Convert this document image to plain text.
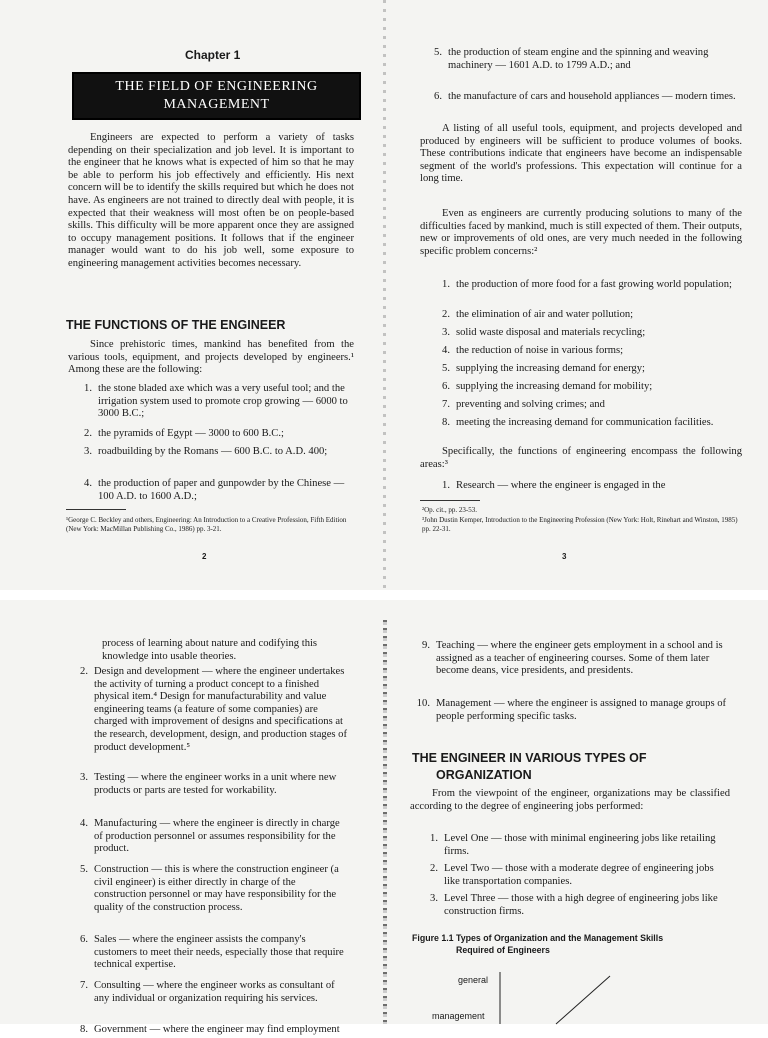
Chapter 1
THE FIELD OF ENGINEERING
MANAGEMENT
Engineers are expected to perform a variety of tasks depending on their specialization and job level. It is important to the engineer that he knows what is expected of him so that he may be able to perform his job effectively and efficiently. His next concern will be to identify the skills required but which he does not have. As engineers are not trained to directly deal with people, it is expected that their weakness will most often be on people-based skills. This difficulty will be more apparent once they are assigned to occupy management positions. It follows that if the engineer manager would want to do his job well, some exposure to engineering management activities becomes necessary.
THE FUNCTIONS OF THE ENGINEER
Since prehistoric times, mankind has benefited from the various tools, equipment, and projects developed by engineers.¹ Among these are the following:
1. the stone bladed axe which was a very useful tool; and the irrigation system used to promote crop growing — 6000 to 3000 B.C.;
2. the pyramids of Egypt — 3000 to 600 B.C.;
3. roadbuilding by the Romans — 600 B.C. to A.D. 400;
4. the production of paper and gunpowder by the Chinese — 100 A.D. to 1600 A.D.;
¹George C. Beckley and others, Engineering: An Introduction to a Creative Profession, Fifth Edition (New York: MacMillan Publishing Co., 1986) pp. 3-21.
2
5. the production of steam engine and the spinning and weaving machinery — 1601 A.D. to 1799 A.D.; and
6. the manufacture of cars and household appliances — modern times.
A listing of all useful tools, equipment, and projects developed and produced by engineers will be sufficient to produce volumes of books. These contributions indicate that engineers have become an indispensable segment of the world's professions. This expectation will continue for a long time.
Even as engineers are currently producing solutions to many of the difficulties faced by mankind, much is still expected of them. Their outputs, new or improvements of old ones, are very much needed in the following specific problem concerns:²
1. the production of more food for a fast growing world population;
2. the elimination of air and water pollution;
3. solid waste disposal and materials recycling;
4. the reduction of noise in various forms;
5. supplying the increasing demand for energy;
6. supplying the increasing demand for mobility;
7. preventing and solving crimes; and
8. meeting the increasing demand for communication facilities.
Specifically, the functions of engineering encompass the following areas:³
1. Research — where the engineer is engaged in the
²Op. cit., pp. 23-53.
³John Dustin Kemper, Introduction to the Engineering Profession (New York: Holt, Rinehart and Winston, 1985) pp. 22-31.
3
process of learning about nature and codifying this knowledge into usable theories.
2. Design and development — where the engineer undertakes the activity of turning a product concept to a finished physical item.⁴ Design for manufacturability and value engineering teams (a feature of some companies) are charged with improvement of designs and specifications at the research, development, design, and production stages of product development.⁵
3. Testing — where the engineer works in a unit where new products or parts are tested for workability.
4. Manufacturing — where the engineer is directly in charge of production personnel or assumes responsibility for the product.
5. Construction — this is where the construction engineer (a civil engineer) is either directly in charge of the construction personnel or may have responsibility for the quality of the construction process.
6. Sales — where the engineer assists the company's customers to meet their needs, especially those that require technical expertise.
7. Consulting — where the engineer works as consultant of any individual or organization requiring his services.
8. Government — where the engineer may find employment
9. Teaching — where the engineer gets employment in a school and is assigned as a teacher of engineering courses. Some of them later become deans, vice presidents, and presidents.
10. Management — where the engineer is assigned to manage groups of people performing specific tasks.
THE ENGINEER IN VARIOUS TYPES OF
ORGANIZATION
From the viewpoint of the engineer, organizations may be classified according to the degree of engineering jobs performed:
1. Level One — those with minimal engineering jobs like retailing firms.
2. Level Two — those with a moderate degree of engineering jobs like transportation companies.
3. Level Three — those with a high degree of engineering jobs like construction firms.
Figure 1.1 Types of Organization and the Management Skills
Required of Engineers
general
management
